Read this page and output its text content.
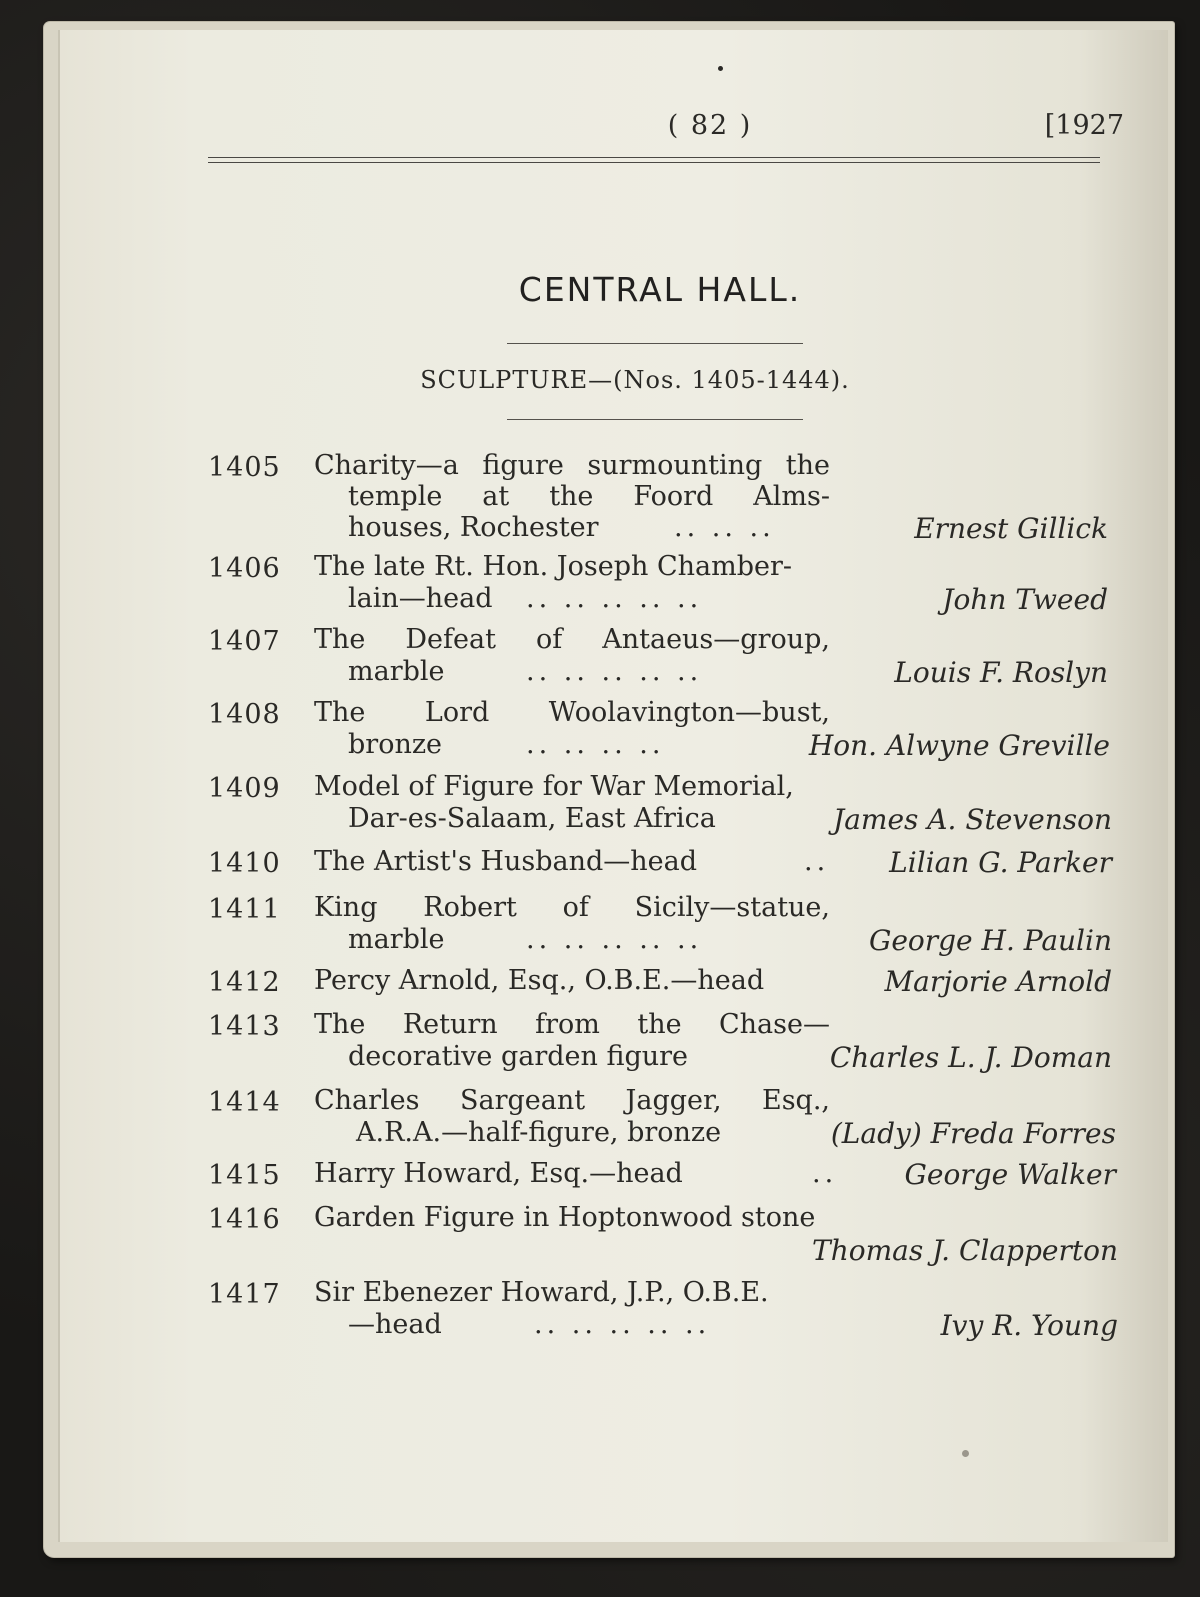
( 82 )	[1927
CENTRAL HALL.
SCULPTURE—(Nos. 1405-1444).
1405 Charity—a figure surmounting the
temple at the Foord Alms-
houses, Rochester	.. .. ..	Ernest Gillick
1406 The late Rt. Hon. Joseph Chamber-
lain—head .. .. .. .. ..	John Tweed
1407 The Defeat of Antaeus—group,
marble	.. .. .. .. ..	Louis F. Roslyn
1408 The Lord Woolavington—bust,
bronze	.. .. .. ..	Hon. Alwyne Greville
1409 Model of Figure for War Memorial,
Dar-es-Salaam, East Africa	James A. Stevenson
1410 The Artist's Husband—head	.. Lilian G. Parker
1411 King Robert of Sicily—statue,
marble	.. .. .. .. ..	George H. Paulin
1412 Percy Arnold, Esq., O.B.E.—head	Marjorie Arnold
1413 The Return from the Chase—
decorative garden figure	Charles L. J. Doman
1414 Charles Sargeant Jagger, Esq.,
A.R.A.—half-figure, bronze	(Lady) Freda Forres
1415 Harry Howard, Esq.—head	.. George Walker
1416 Garden Figure in Hoptonwood stone
Thomas J. Clapperton
1417 Sir Ebenezer Howard, J.P., O.B.E.
—head	.. .. .. .. ..	Ivy R. Young
